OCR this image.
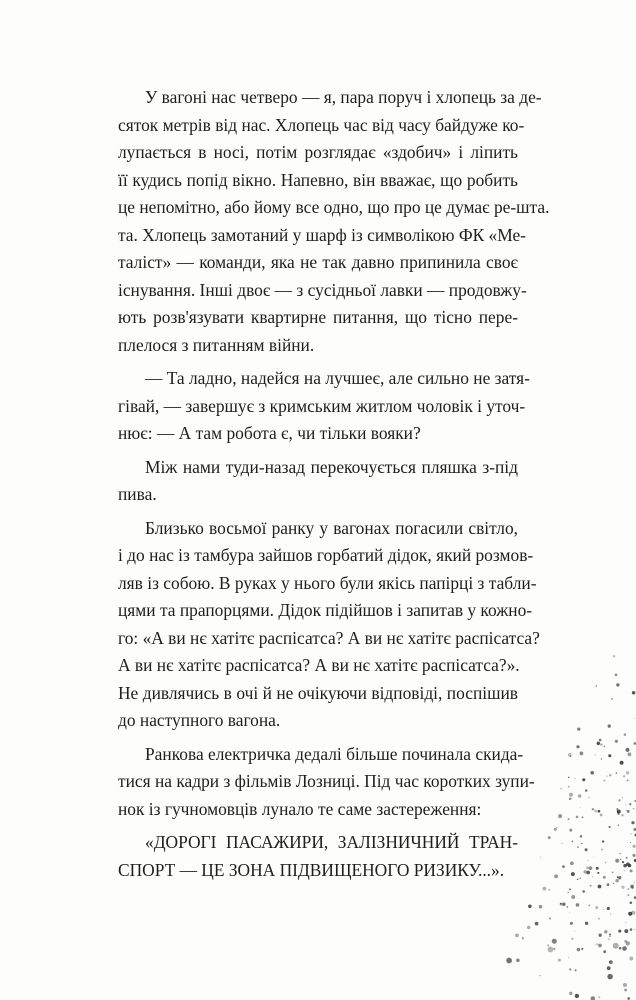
У вагоні нас четверо — я, пара поруч і хлопець за де-
сяток метрів від нас. Хлопець час від часу байдуже ко-
лупається в носі, потім розглядає «здобич» і ліпить
її кудись попід вікно. Напевно, він вважає, що робить
це непомітно, або йому все одно, що про це думає ре-шта.
та. Хлопець замотаний у шарф із символікою ФК «Ме-
таліст» — команди, яка не так давно припинила своє
існування. Інші двоє — з сусідньої лавки — продовжу-
ють розв'язувати квартирне питання, що тісно пере-
плелося з питанням війни.

— Та ладно, надейся на лучшеє, але сильно не затя-
гівай, — завершує з кримським житлом чоловік і уточ-
нює: — А там робота є, чи тільки вояки?

Між нами туди-назад перекочується пляшка з-під
пива.

Близько восьмої ранку у вагонах погасили світло,
і до нас із тамбура зайшов горбатий дідок, який розмов-
ляв із собою. В руках у нього були якісь папірці з табли-
цями та прапорцями. Дідок підійшов і запитав у кожно-
го: «А ви нє хатітє распісатса? А ви нє хатітє распісатса?
А ви нє хатітє распісатса? А ви нє хатітє распісатса?».
Не дивлячись в очі й не очікуючи відповіді, поспішив
до наступного вагона.

Ранкова електричка дедалі більше починала скида-
тися на кадри з фільмів Лозниці. Під час коротких зупи-
нок із гучномовців лунало те саме застереження:

«ДОРОГІ ПАСАЖИРИ, ЗАЛІЗНИЧНИЙ ТРАН-
СПОРТ — ЦЕ ЗОНА ПІДВИЩЕНОГО РИЗИКУ...».
